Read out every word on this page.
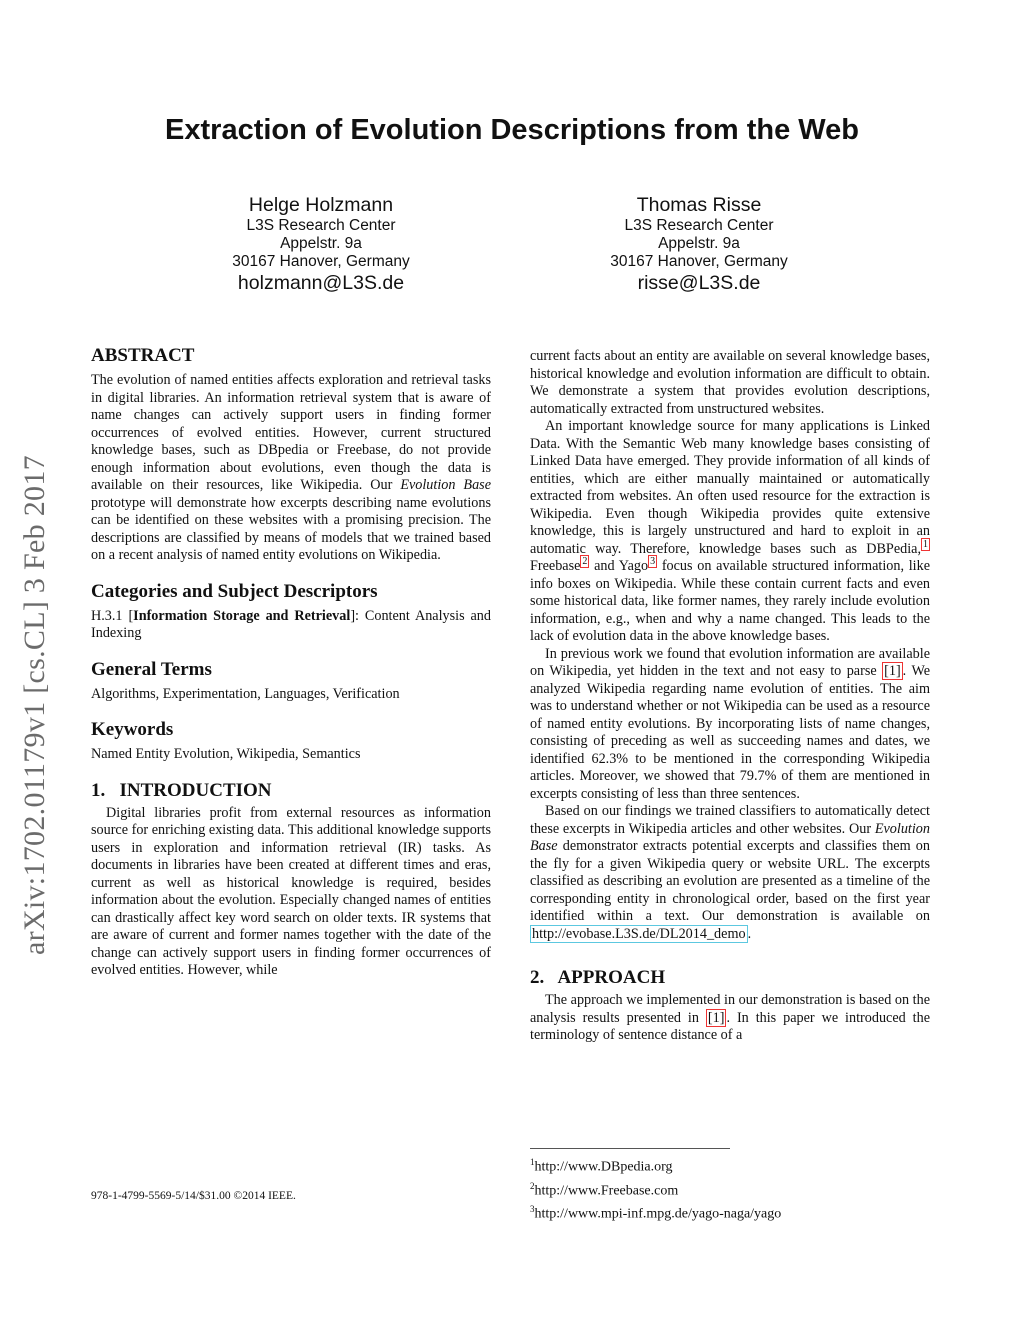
Extraction of Evolution Descriptions from the Web
Helge Holzmann
L3S Research Center
Appelstr. 9a
30167 Hanover, Germany
holzmann@L3S.de
Thomas Risse
L3S Research Center
Appelstr. 9a
30167 Hanover, Germany
risse@L3S.de
arXiv:1702.01179v1 [cs.CL] 3 Feb 2017
ABSTRACT

The evolution of named entities affects exploration and retrieval tasks in digital libraries. An information retrieval system that is aware of name changes can actively support users in finding former occurrences of evolved entities. However, current structured knowledge bases, such as DBpedia or Freebase, do not provide enough information about evolutions, even though the data is available on their resources, like Wikipedia. Our Evolution Base prototype will demonstrate how excerpts describing name evolutions can be identified on these websites with a promising precision. The descriptions are classified by means of models that we trained based on a recent analysis of named entity evolutions on Wikipedia.

Categories and Subject Descriptors

H.3.1 [Information Storage and Retrieval]: Content Analysis and Indexing

General Terms

Algorithms, Experimentation, Languages, Verification

Keywords

Named Entity Evolution, Wikipedia, Semantics

1.   INTRODUCTION

Digital libraries profit from external resources as information source for enriching existing data. This additional knowledge supports users in exploration and information retrieval (IR) tasks. As documents in libraries have been created at different times and eras, current as well as historical knowledge is required, besides information about the evolution. Especially changed names of entities can drastically affect key word search on older texts. IR systems that are aware of current and former names together with the date of the change can actively support users in finding former occurrences of evolved entities. However, while

current facts about an entity are available on several knowledge bases, historical knowledge and evolution information are difficult to obtain. We demonstrate a system that provides evolution descriptions, automatically extracted from unstructured websites.

An important knowledge source for many applications is Linked Data. With the Semantic Web many knowledge bases consisting of Linked Data have emerged. They provide information of all kinds of entities, which are either manually maintained or automatically extracted from websites. An often used resource for the extraction is Wikipedia. Even though Wikipedia provides quite extensive knowledge, this is largely unstructured and hard to exploit in an automatic way. Therefore, knowledge bases such as DBPedia, $^1$ Freebase $^2$ and Yago $^3$ focus on available structured information, like info boxes on Wikipedia. While these contain current facts and even some historical data, like former names, they rarely include evolution information, e.g., when and why a name changed. This leads to the lack of evolution data in the above knowledge bases.

In previous work we found that evolution information are available on Wikipedia, yet hidden in the text and not easy to parse [1] . We analyzed Wikipedia regarding name evolution of entities. The aim was to understand whether or not Wikipedia can be used as a resource of named entity evolutions. By incorporating lists of name changes, consisting of preceding as well as succeeding names and dates, we identified 62.3% to be mentioned in the corresponding Wikipedia articles. Moreover, we showed that 79.7% of them are mentioned in excerpts consisting of less than three sentences.

Based on our findings we trained classifiers to automatically detect these excerpts in Wikipedia articles and other websites. Our Evolution Base demonstrator extracts potential excerpts and classifies them on the fly for a given Wikipedia query or website URL. The excerpts classified as describing an evolution are presented as a timeline of the corresponding entity in chronological order, based on the first year identified within a text. Our demonstration is available on http://evobase.L3S.de/DL2014_demo .

2.   APPROACH

The approach we implemented in our demonstration is based on the analysis results presented in [1] . In this paper we introduced the terminology of sentence distance of a

$^1$http://www.DBpedia.org
$^2$http://www.Freebase.com
$^3$http://www.mpi-inf.mpg.de/yago-naga/yago
978-1-4799-5569-5/14/$31.00 ©2014 IEEE.
